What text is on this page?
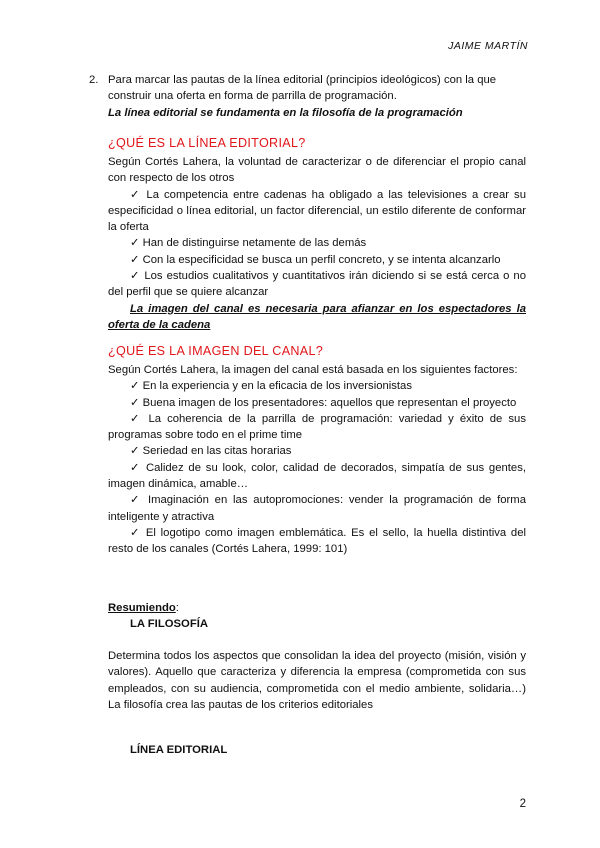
JAIME MARTÍN
2. Para marcar las pautas de la línea editorial (principios ideológicos) con la que construir una oferta en forma de parrilla de programación.

La línea editorial se fundamenta en la filosofía de la programación

¿QUÉ ES LA LÍNEA EDITORIAL?

Según Cortés Lahera, la voluntad de caracterizar o de diferenciar el propio canal con respecto de los otros

✓ La competencia entre cadenas ha obligado a las televisiones a crear su especificidad o línea editorial, un factor diferencial, un estilo diferente de conformar la oferta

✓ Han de distinguirse netamente de las demás

✓ Con la especificidad se busca un perfil concreto, y se intenta alcanzarlo

✓ Los estudios cualitativos y cuantitativos irán diciendo si se está cerca o no del perfil que se quiere alcanzar

La imagen del canal es necesaria para afianzar en los espectadores la oferta de la cadena

¿QUÉ ES LA IMAGEN DEL CANAL?

Según Cortés Lahera, la imagen del canal está basada en los siguientes factores:

✓ En la experiencia y en la eficacia de los inversionistas

✓ Buena imagen de los presentadores: aquellos que representan el proyecto

✓ La coherencia de la parrilla de programación: variedad y éxito de sus programas sobre todo en el prime time

✓ Seriedad en las citas horarias

✓ Calidez de su look, color, calidad de decorados, simpatía de sus gentes, imagen dinámica, amable…

✓ Imaginación en las autopromociones: vender la programación de forma inteligente y atractiva

✓ El logotipo como imagen emblemática. Es el sello, la huella distintiva del resto de los canales (Cortés Lahera, 1999: 101)

Resumiendo:
LA FILOSOFÍA
Determina todos los aspectos que consolidan la idea del proyecto (misión, visión y valores). Aquello que caracteriza y diferencia la empresa (comprometida con sus empleados, con su audiencia, comprometida con el medio ambiente, solidaria…) La filosofía crea las pautas de los criterios editoriales
LÍNEA EDITORIAL
2
